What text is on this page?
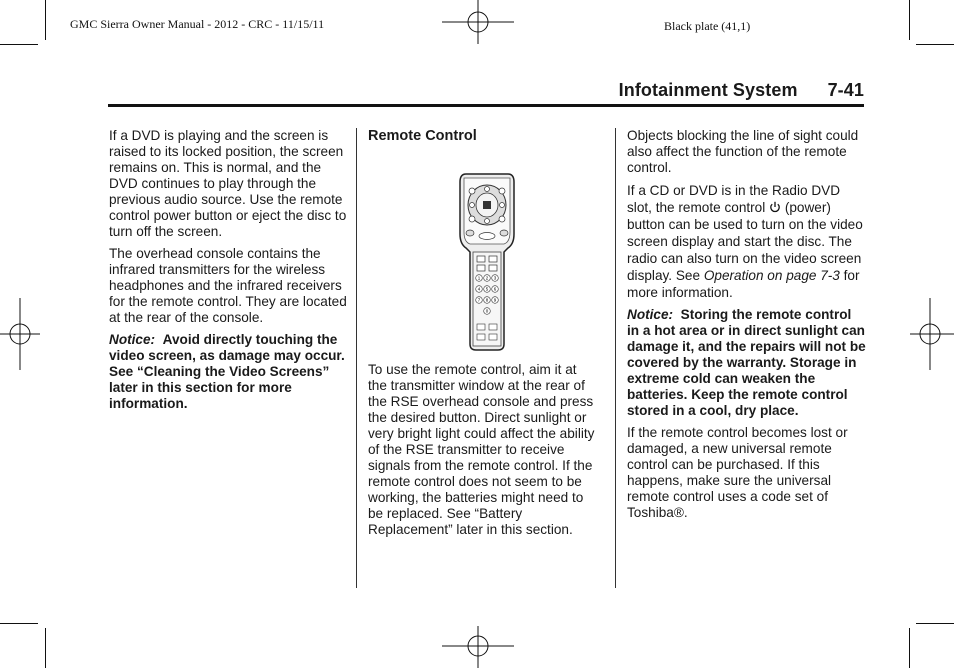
GMC Sierra Owner Manual - 2012 - CRC - 11/15/11	Black plate (41,1)
Infotainment System 7-41

If a DVD is playing and the screen is raised to its locked position, the screen remains on. This is normal, and the DVD continues to play through the previous audio source. Use the remote control power button or eject the disc to turn off the screen.

The overhead console contains the infrared transmitters for the wireless headphones and the infrared receivers for the remote control. They are located at the rear of the console.

Notice: Avoid directly touching the video screen, as damage may occur. See “Cleaning the Video Screens” later in this section for more information.

Remote Control
1 2 3
4 5 6
7 8 9
0

To use the remote control, aim it at the transmitter window at the rear of the RSE overhead console and press the desired button. Direct sunlight or very bright light could affect the ability of the RSE transmitter to receive signals from the remote control. If the remote control does not seem to be working, the batteries might need to be replaced. See “Battery Replacement” later in this section.

Objects blocking the line of sight could also affect the function of the remote control.

If a CD or DVD is in the Radio DVD slot, the remote control (power) button can be used to turn on the video screen display and start the disc. The radio can also turn on the video screen display. See Operation on page 7‑3 for more information.

Notice: Storing the remote control in a hot area or in direct sunlight can damage it, and the repairs will not be covered by the warranty. Storage in extreme cold can weaken the batteries. Keep the remote control stored in a cool, dry place.

If the remote control becomes lost or damaged, a new universal remote control can be purchased. If this happens, make sure the universal remote control uses a code set of Toshiba®.
